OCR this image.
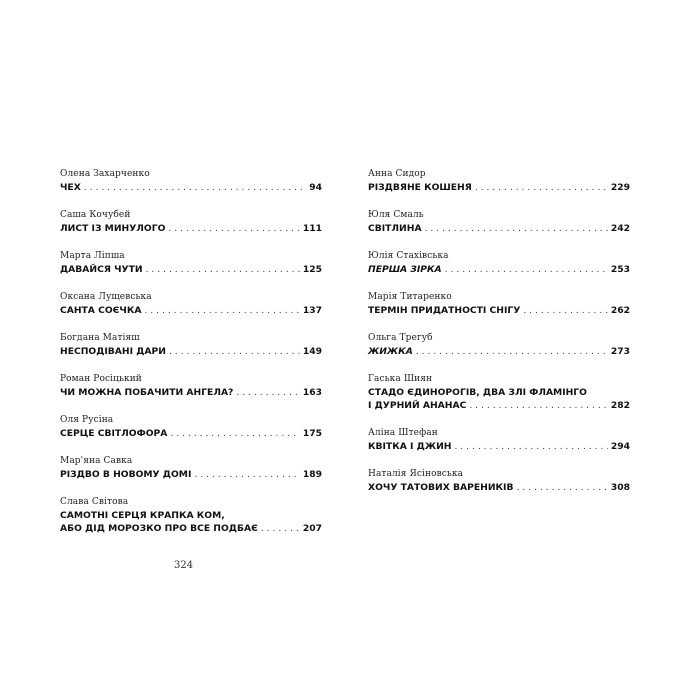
Олена Захарченко
ЧЕХ . . .	94
Саша Кочубей
ЛИСТ ІЗ МИНУЛОГО . . .	111
Марта Ліпша
ДАВАЙСЯ ЧУТИ . . .	125
Оксана Лущевська
САНТА СОЄЧКА . . .	137
Богдана Матіяш
НЕСПОДІВАНІ ДАРИ . . .	149
Роман Росіцький
ЧИ МОЖНА ПОБАЧИТИ АНГЕЛА? . . .	163
Оля Русіна
СЕРЦЕ СВІТЛОФОРА . . .	175
Мар'яна Савка
РІЗДВО В НОВОМУ ДОМІ . . .	189
Слава Світова
САМОТНІ СЕРЦЯ КРАПКА КОМ,
АБО ДІД МОРОЗКО ПРО ВСЕ ПОДБАЄ . . .	207
Анна Сидор
РІЗДВЯНЕ КОШЕНЯ . . .	229
Юля Смаль
СВІТЛИНА . . .	242
Юлія Стахівська
ПЕРША ЗІРКА . . .	253
Марія Титаренко
ТЕРМІН ПРИДАТНОСТІ СНІГУ . . .	262
Ольга Трегуб
ЖИЖКА . . .	273
Гаська Шиян
СТАДО ЄДИНОРОГІВ, ДВА ЗЛІ ФЛАМІНГО
І ДУРНИЙ АНАНАС . . .	282
Аліна Штефан
КВІТКА І ДЖИН . . .	294
Наталія Ясіновська
ХОЧУ ТАТОВИХ ВАРЕНИКІВ . . .	308
324
